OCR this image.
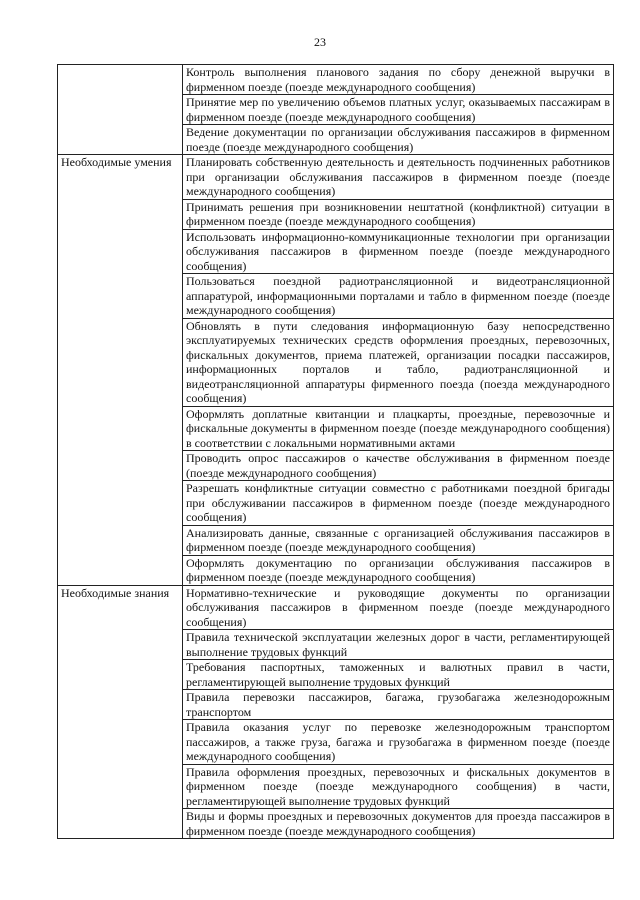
23
	Контроль выполнения планового задания по сбору денежной выручки в фирменном поезде (поезде международного сообщения)
	Принятие мер по увеличению объемов платных услуг, оказываемых пассажирам в фирменном поезде (поезде международного сообщения)
	Ведение документации по организации обслуживания пассажиров в фирменном поезде (поезде международного сообщения)
Необходимые умения	Планировать собственную деятельность и деятельность подчиненных работников при организации обслуживания пассажиров в фирменном поезде (поезде международного сообщения)
	Принимать решения при возникновении нештатной (конфликтной) ситуации в фирменном поезде (поезде международного сообщения)
	Использовать информационно-коммуникационные технологии при организации обслуживания пассажиров в фирменном поезде (поезде международного сообщения)
	Пользоваться поездной радиотрансляционной и видеотрансляционной аппаратурой, информационными порталами и табло в фирменном поезде (поезде международного сообщения)
	Обновлять в пути следования информационную базу непосредственно эксплуатируемых технических средств оформления проездных, перевозочных, фискальных документов, приема платежей, организации посадки пассажиров, информационных порталов и табло, радиотрансляционной и видеотрансляционной аппаратуры фирменного поезда (поезда международного сообщения)
	Оформлять доплатные квитанции и плацкарты, проездные, перевозочные и фискальные документы в фирменном поезде (поезде международного сообщения) в соответствии с локальными нормативными актами
	Проводить опрос пассажиров о качестве обслуживания в фирменном поезде (поезде международного сообщения)
	Разрешать конфликтные ситуации совместно с работниками поездной бригады при обслуживании пассажиров в фирменном поезде (поезде международного сообщения)
	Анализировать данные, связанные с организацией обслуживания пассажиров в фирменном поезде (поезде международного сообщения)
	Оформлять документацию по организации обслуживания пассажиров в фирменном поезде (поезде международного сообщения)
Необходимые знания	Нормативно-технические и руководящие документы по организации обслуживания пассажиров в фирменном поезде (поезде международного сообщения)
	Правила технической эксплуатации железных дорог в части, регламентирующей выполнение трудовых функций
	Требования паспортных, таможенных и валютных правил в части, регламентирующей выполнение трудовых функций
	Правила перевозки пассажиров, багажа, грузобагажа железнодорожным транспортом
	Правила оказания услуг по перевозке железнодорожным транспортом пассажиров, а также груза, багажа и грузобагажа в фирменном поезде (поезде международного сообщения)
	Правила оформления проездных, перевозочных и фискальных документов в фирменном поезде (поезде международного сообщения) в части, регламентирующей выполнение трудовых функций
	Виды и формы проездных и перевозочных документов для проезда пассажиров в фирменном поезде (поезде международного сообщения)
